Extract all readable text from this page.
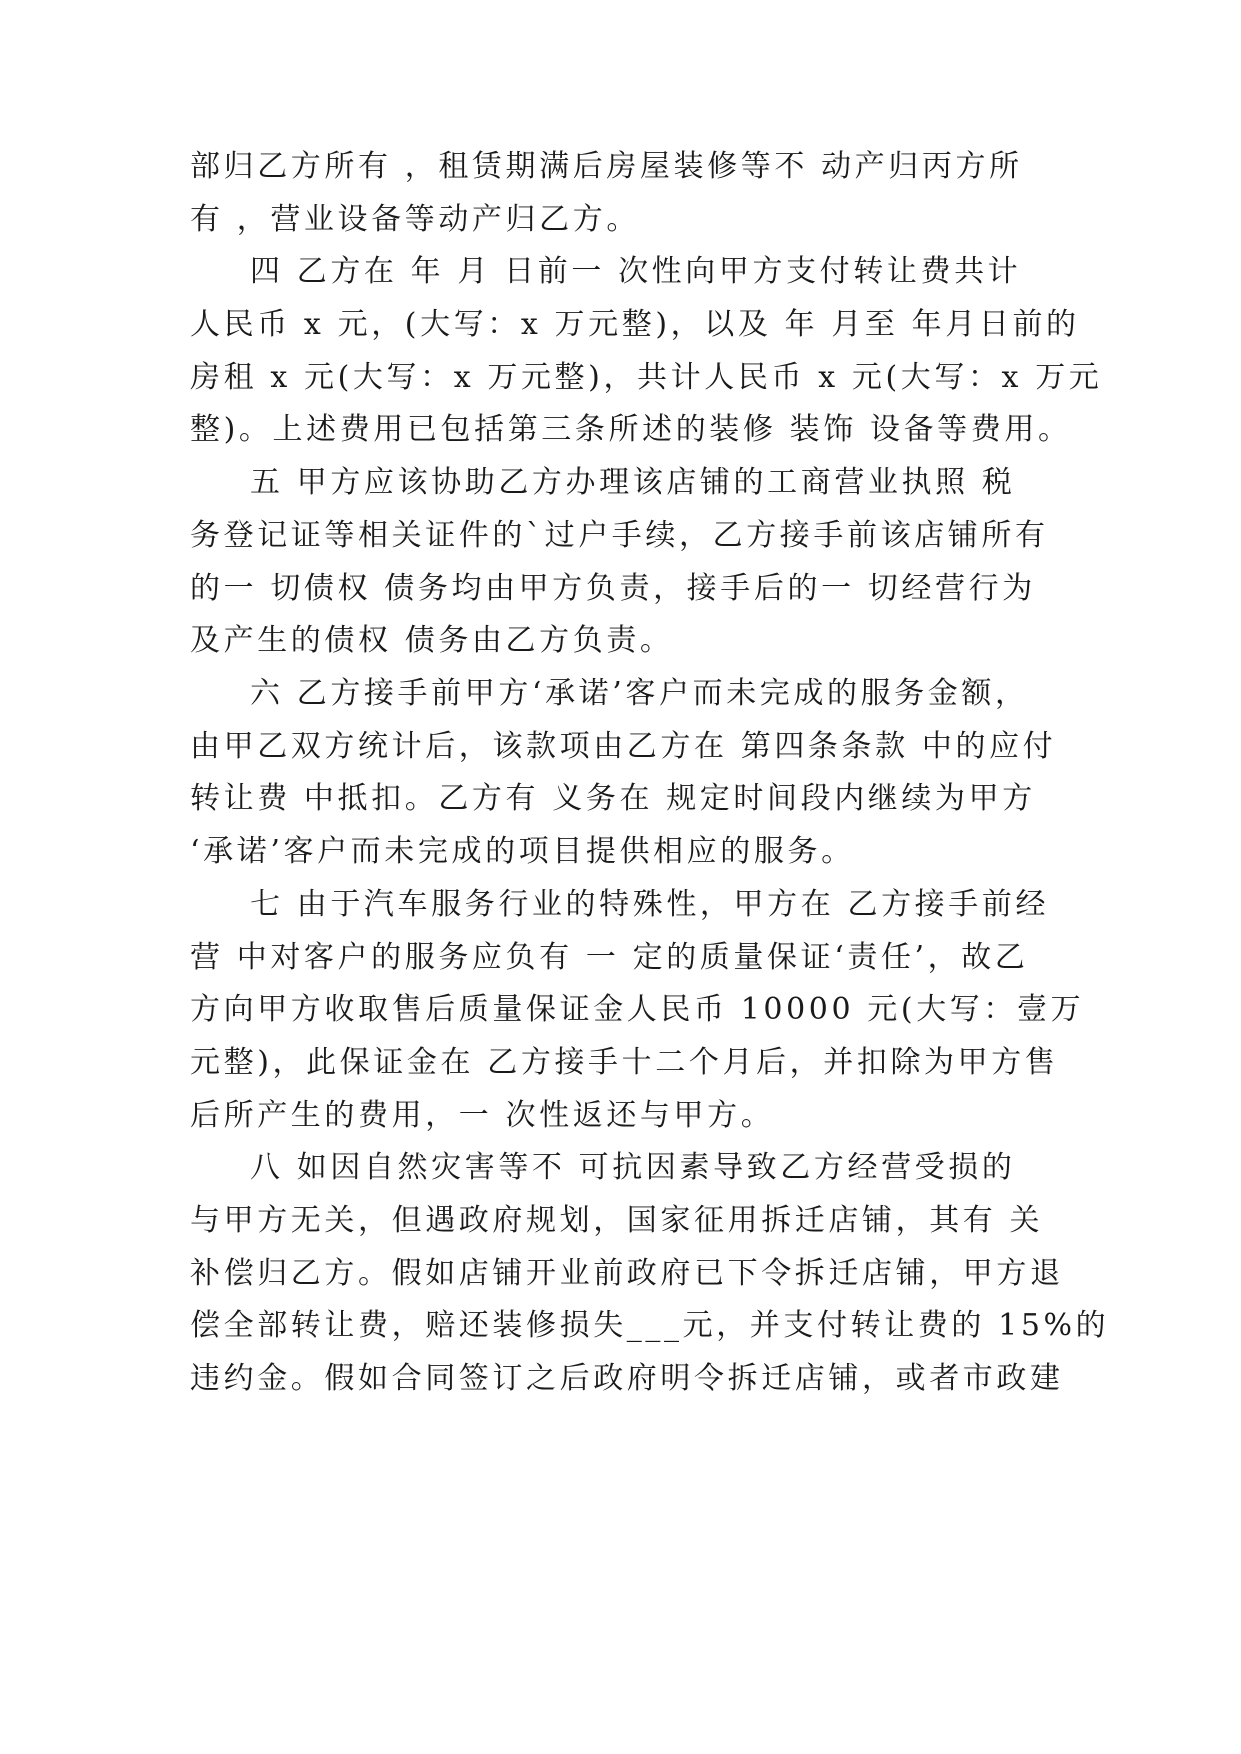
部归乙方所有 ，租赁期满后房屋装修等不 动产归丙方所
有 ，营业设备等动产归乙方。
四 乙方在 年 月 日前一 次性向甲方支付转让费共计
人民币 x 元，(大写：x 万元整)，以及 年 月至 年月日前的
房租 x 元(大写：x 万元整)，共计人民币 x 元(大写：x 万元
整)。上述费用已包括第三条所述的装修 装饰 设备等费用。
五 甲方应该协助乙方办理该店铺的工商营业执照 税
务登记证等相关证件的`过户手续，乙方接手前该店铺所有
的一 切债权 债务均由甲方负责，接手后的一 切经营行为
及产生的债权 债务由乙方负责。
六 乙方接手前甲方‘承诺’客户而未完成的服务金额，
由甲乙双方统计后，该款项由乙方在 第四条条款 中的应付
转让费 中抵扣。乙方有 义务在 规定时间段内继续为甲方
‘承诺’客户而未完成的项目提供相应的服务。
七 由于汽车服务行业的特殊性，甲方在 乙方接手前经
营 中对客户的服务应负有 一 定的质量保证‘责任’，故乙
方向甲方收取售后质量保证金人民币 10000 元(大写：壹万
元整)，此保证金在 乙方接手十二个月后，并扣除为甲方售
后所产生的费用，一 次性返还与甲方。
八 如因自然灾害等不 可抗因素导致乙方经营受损的
与甲方无关，但遇政府规划，国家征用拆迁店铺，其有 关
补偿归乙方。假如店铺开业前政府已下令拆迁店铺，甲方退
偿全部转让费，赔还装修损失___元，并支付转让费的 15%的
违约金。假如合同签订之后政府明令拆迁店铺，或者市政建
